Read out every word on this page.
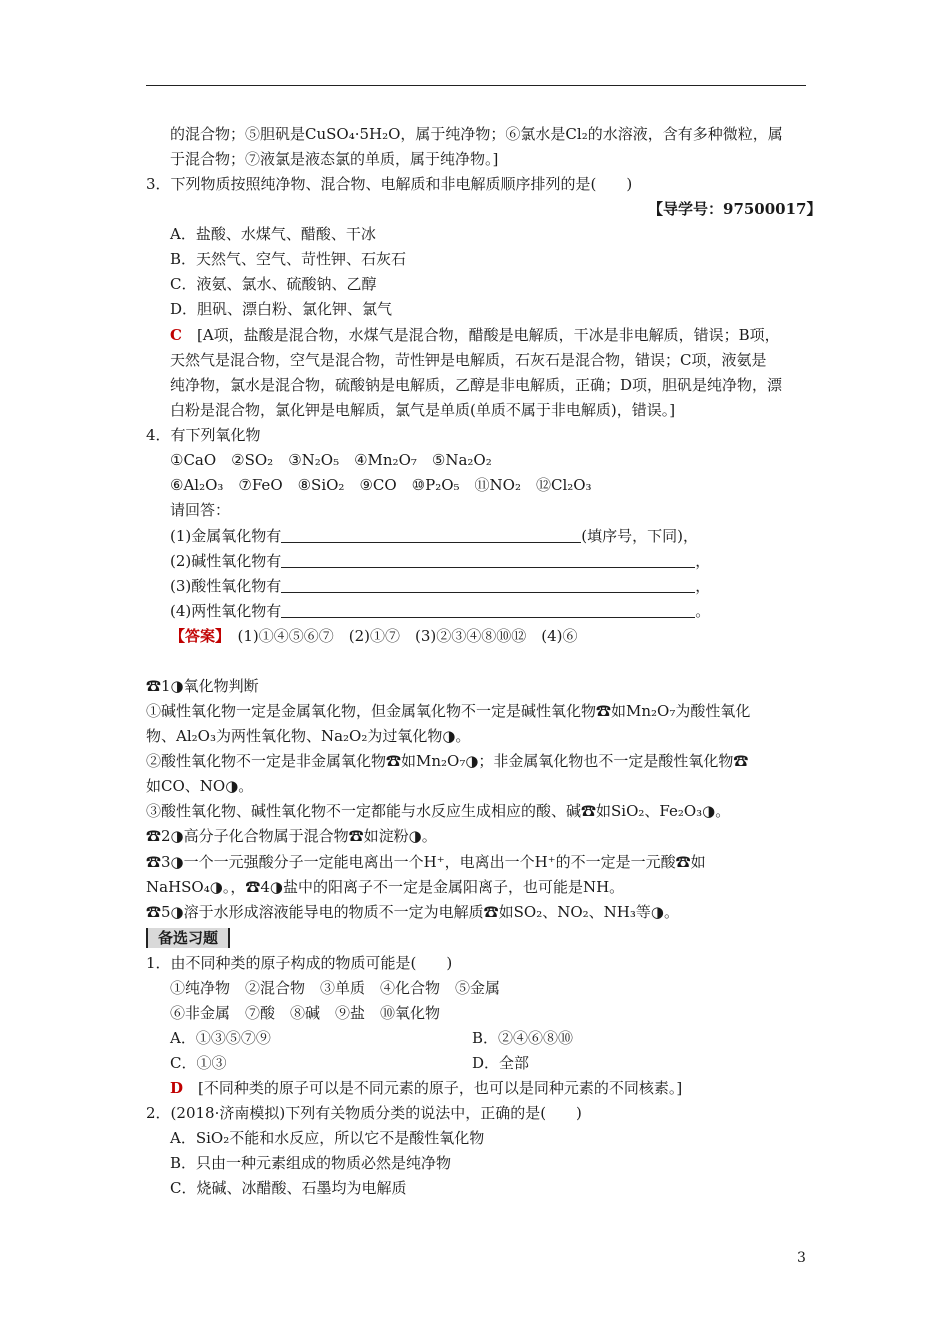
的混合物；⑤胆矾是CuSO₄·5H₂O，属于纯净物；⑥氯水是Cl₂的水溶液，含有多种微粒，属
于混合物；⑦液氯是液态氯的单质，属于纯净物。]
3．下列物质按照纯净物、混合物、电解质和非电解质顺序排列的是(　　)
【导学号：97500017】
A．盐酸、水煤气、醋酸、干冰
B．天然气、空气、苛性钾、石灰石
C．液氨、氯水、硫酸钠、乙醇
D．胆矾、漂白粉、氯化钾、氯气
C　 [A项，盐酸是混合物，水煤气是混合物，醋酸是电解质，干冰是非电解质，错误；B项，
天然气是混合物，空气是混合物，苛性钾是电解质，石灰石是混合物，错误；C项，液氨是
纯净物，氯水是混合物，硫酸钠是电解质，乙醇是非电解质，正确；D项，胆矾是纯净物，漂
白粉是混合物，氯化钾是电解质，氯气是单质(单质不属于非电解质)，错误。]
4．有下列氧化物
①CaO　②SO₂　③N₂O₅　④Mn₂O₇　⑤Na₂O₂
⑥Al₂O₃　⑦FeO　⑧SiO₂　⑨CO　⑩P₂O₅　⑪NO₂　⑫Cl₂O₃
请回答：
(1)金属氧化物有	(填序号，下同)，
(2)碱性氧化物有	，
(3)酸性氧化物有	，
(4)两性氧化物有	。
【答案】　 (1)①④⑤⑥⑦　(2)①⑦　(3)②③④⑧⑩⑫　(4)⑥
☎1◑氧化物判断
①碱性氧化物一定是金属氧化物，但金属氧化物不一定是碱性氧化物☎如Mn₂O₇为酸性氧化
物、Al₂O₃为两性氧化物、Na₂O₂为过氧化物◑。
②酸性氧化物不一定是非金属氧化物☎如Mn₂O₇◑；非金属氧化物也不一定是酸性氧化物☎
如CO、NO◑。
③酸性氧化物、碱性氧化物不一定都能与水反应生成相应的酸、碱☎如SiO₂、Fe₂O₃◑。
☎2◑高分子化合物属于混合物☎如淀粉◑。
☎3◑一个一元强酸分子一定能电离出一个H⁺，电离出一个H⁺的不一定是一元酸☎如
NaHSO₄◑。，☎4◑盐中的阳离子不一定是金属阳离子，也可能是NH。
☎5◑溶于水形成溶液能导电的物质不一定为电解质☎如SO₂、NO₂、NH₃等◑。
备选习题
1．由不同种类的原子构成的物质可能是(　　)
①纯净物　②混合物　③单质　④化合物　⑤金属
⑥非金属　⑦酸　⑧碱　⑨盐　⑩氧化物
A．①③⑤⑦⑨	B．②④⑥⑧⑩
C．①③	D．全部
D　 [不同种类的原子可以是不同元素的原子，也可以是同种元素的不同核素。]
2．(2018·济南模拟)下列有关物质分类的说法中，正确的是(　　)
A．SiO₂不能和水反应，所以它不是酸性氧化物
B．只由一种元素组成的物质必然是纯净物
C．烧碱、冰醋酸、石墨均为电解质
3
